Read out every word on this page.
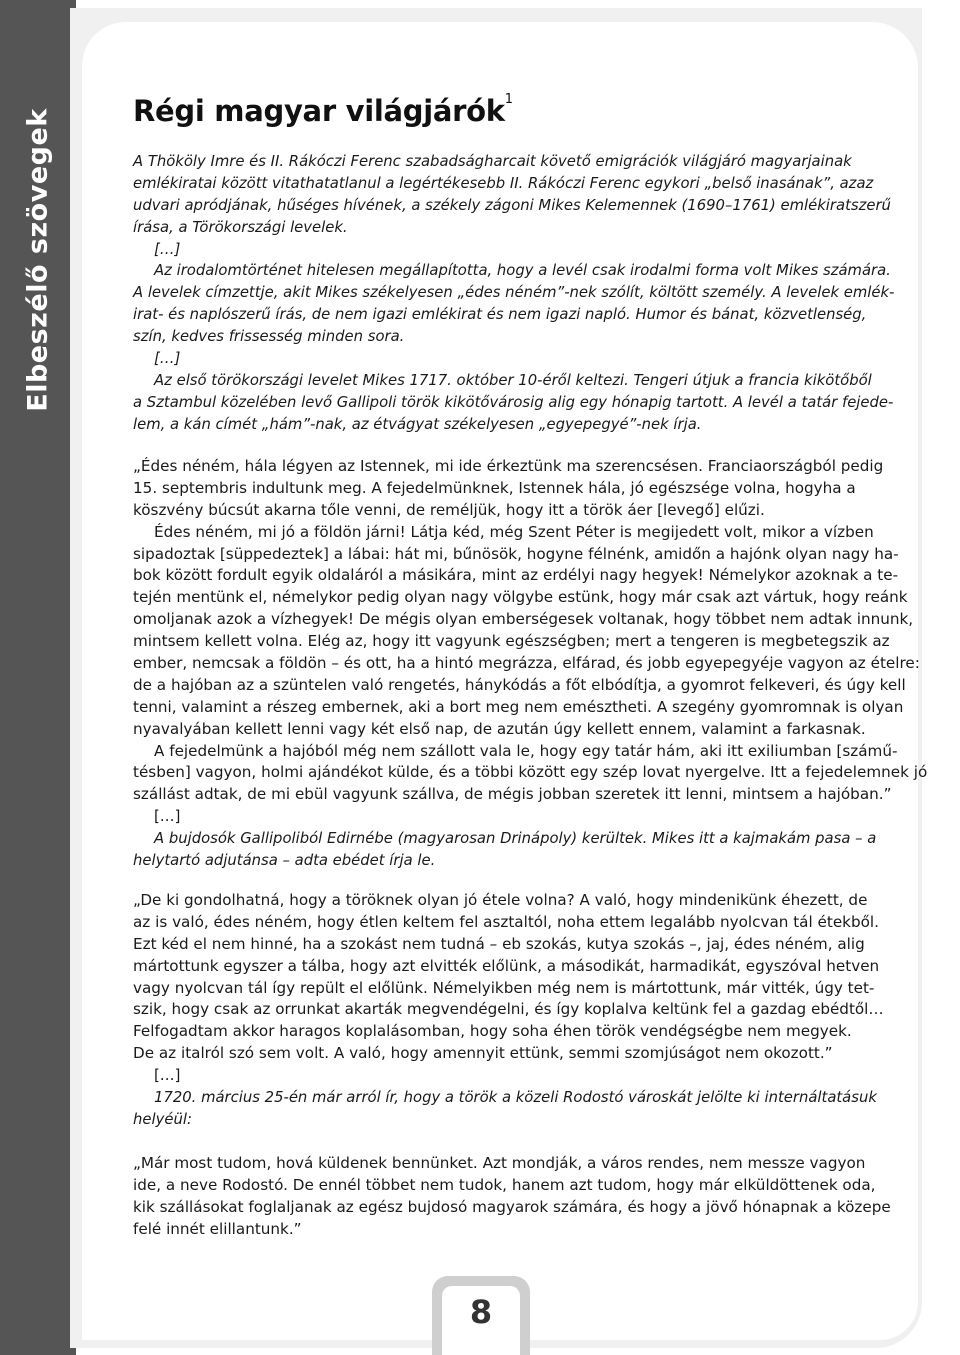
Elbeszélő szövegek	Régi magyar világjárók$^1$
A Thököly Imre és II. Rákóczi Ferenc szabadságharcait követő emigrációk világjáró magyarjainak
emlékiratai között vitathatatlanul a legértékesebb II. Rákóczi Ferenc egykori „belső inasának”, azaz
udvari apródjának, hűséges hívének, a székely zágoni Mikes Kelemennek (1690–1761) emlékiratszerű
írása, a Törökországi levelek.
[…]
Az irodalomtörténet hitelesen megállapította, hogy a levél csak irodalmi forma volt Mikes számára.
A levelek címzettje, akit Mikes székelyesen „édes néném”-nek szólít, költött személy. A levelek emlék-
irat- és naplószerű írás, de nem igazi emlékirat és nem igazi napló. Humor és bánat, közvetlenség,
szín, kedves frissesség minden sora.
[…]
Az első törökországi levelet Mikes 1717. október 10-éről keltezi. Tengeri útjuk a francia kikötőből
a Sztambul közelében levő Gallipoli török kikötővárosig alig egy hónapig tartott. A levél a tatár fejede-
lem, a kán címét „hám”-nak, az étvágyat székelyesen „egyepegyé”-nek írja.
„Édes néném, hála légyen az Istennek, mi ide érkeztünk ma szerencsésen. Franciaországból pedig
15. septembris indultunk meg. A fejedelmünknek, Istennek hála, jó egészsége volna, hogyha a
köszvény búcsút akarna tőle venni, de reméljük, hogy itt a török áer [levegő] elűzi.
Édes néném, mi jó a földön járni! Látja kéd, még Szent Péter is megijedett volt, mikor a vízben
sipadoztak [süppedeztek] a lábai: hát mi, bűnösök, hogyne félnénk, amidőn a hajónk olyan nagy ha-
bok között fordult egyik oldaláról a másikára, mint az erdélyi nagy hegyek! Némelykor azoknak a te-
tején mentünk el, némelykor pedig olyan nagy völgybe estünk, hogy már csak azt vártuk, hogy reánk
omoljanak azok a vízhegyek! De mégis olyan emberségesek voltanak, hogy többet nem adtak innunk,
mintsem kellett volna. Elég az, hogy itt vagyunk egészségben; mert a tengeren is megbetegszik az
ember, nemcsak a földön – és ott, ha a hintó megrázza, elfárad, és jobb egyepegyéje vagyon az ételre:
de a hajóban az a szüntelen való rengetés, hánykódás a főt elbódítja, a gyomrot felkeveri, és úgy kell
tenni, valamint a részeg embernek, aki a bort meg nem emésztheti. A szegény gyomromnak is olyan
nyavalyában kellett lenni vagy két első nap, de azután úgy kellett ennem, valamint a farkasnak.
A fejedelmünk a hajóból még nem szállott vala le, hogy egy tatár hám, aki itt exiliumban [számű-
tésben] vagyon, holmi ajándékot külde, és a többi között egy szép lovat nyergelve. Itt a fejedelemnek jó
szállást adtak, de mi ebül vagyunk szállva, de mégis jobban szeretek itt lenni, mintsem a hajóban.”
[…]
A bujdosók Gallipoliból Edirnébe (magyarosan Drinápoly) kerültek. Mikes itt a kajmakám pasa – a
helytartó adjutánsa – adta ebédet írja le.
„De ki gondolhatná, hogy a töröknek olyan jó étele volna? A való, hogy mindenikünk éhezett, de
az is való, édes néném, hogy étlen keltem fel asztaltól, noha ettem legalább nyolcvan tál étekből.
Ezt kéd el nem hinné, ha a szokást nem tudná – eb szokás, kutya szokás –, jaj, édes néném, alig
mártottunk egyszer a tálba, hogy azt elvitték előlünk, a másodikát, harmadikát, egyszóval hetven
vagy nyolcvan tál így repült el előlünk. Némelyikben még nem is mártottunk, már vitték, úgy tet-
szik, hogy csak az orrunkat akarták megvendégelni, és így koplalva keltünk fel a gazdag ebédtől…
Felfogadtam akkor haragos koplalásomban, hogy soha éhen török vendégségbe nem megyek.
De az italról szó sem volt. A való, hogy amennyit ettünk, semmi szomjúságot nem okozott.”
[…]
1720. március 25-én már arról ír, hogy a török a közeli Rodostó városkát jelölte ki internáltatásuk
helyéül:
„Már most tudom, hová küldenek bennünket. Azt mondják, a város rendes, nem messze vagyon
ide, a neve Rodostó. De ennél többet nem tudok, hanem azt tudom, hogy már elküldöttenek oda,
kik szállásokat foglaljanak az egész bujdosó magyarok számára, és hogy a jövő hónapnak a közepe
felé innét elillantunk.”
8
